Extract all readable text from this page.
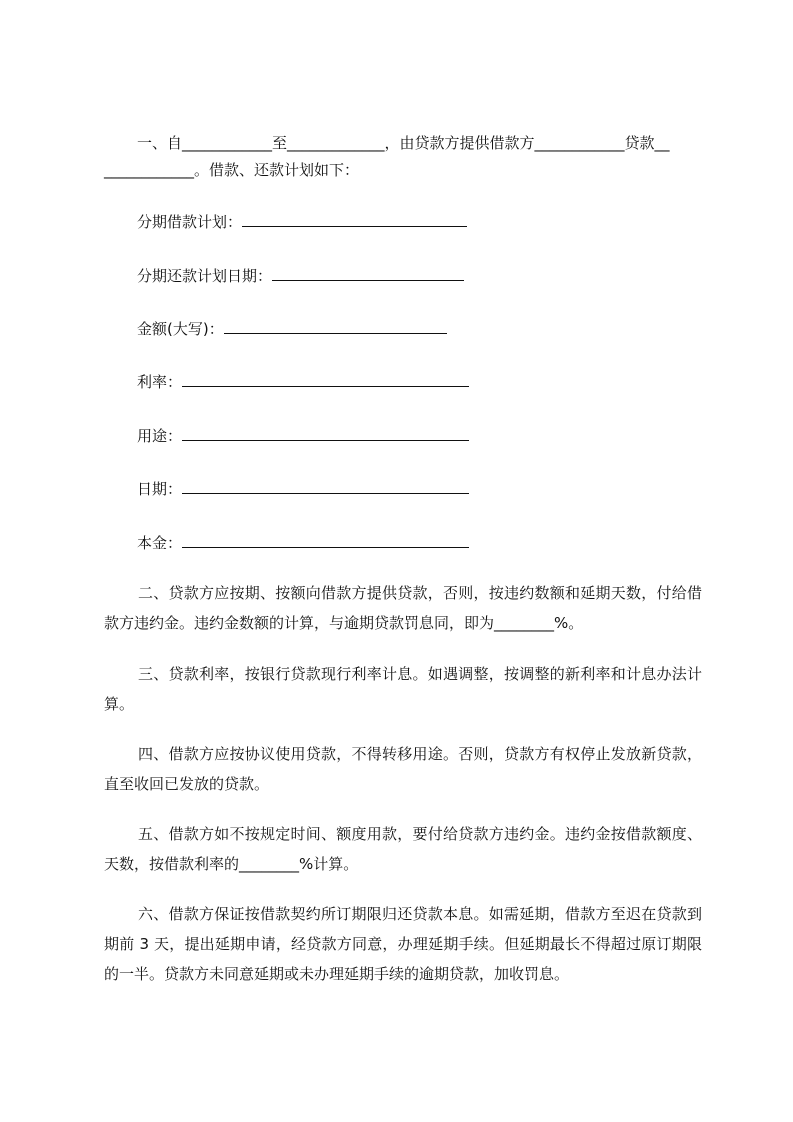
一、自____________至_____________，由贷款方提供借款方____________贷款__
____________。借款、还款计划如下：
分期借款计划：
分期还款计划日期：
金额(大写)：
利率：
用途：
日期：
本金：
二、贷款方应按期、按额向借款方提供贷款，否则，按违约数额和延期天数，付给借款方违约金。违约金数额的计算，与逾期贷款罚息同，即为________%。
三、贷款利率，按银行贷款现行利率计息。如遇调整，按调整的新利率和计息办法计算。
四、借款方应按协议使用贷款，不得转移用途。否则，贷款方有权停止发放新贷款，直至收回已发放的贷款。
五、借款方如不按规定时间、额度用款，要付给贷款方违约金。违约金按借款额度、天数，按借款利率的________%计算。
六、借款方保证按借款契约所订期限归还贷款本息。如需延期，借款方至迟在贷款到期前 3 天，提出延期申请，经贷款方同意，办理延期手续。但延期最长不得超过原订期限的一半。贷款方未同意延期或未办理延期手续的逾期贷款，加收罚息。
